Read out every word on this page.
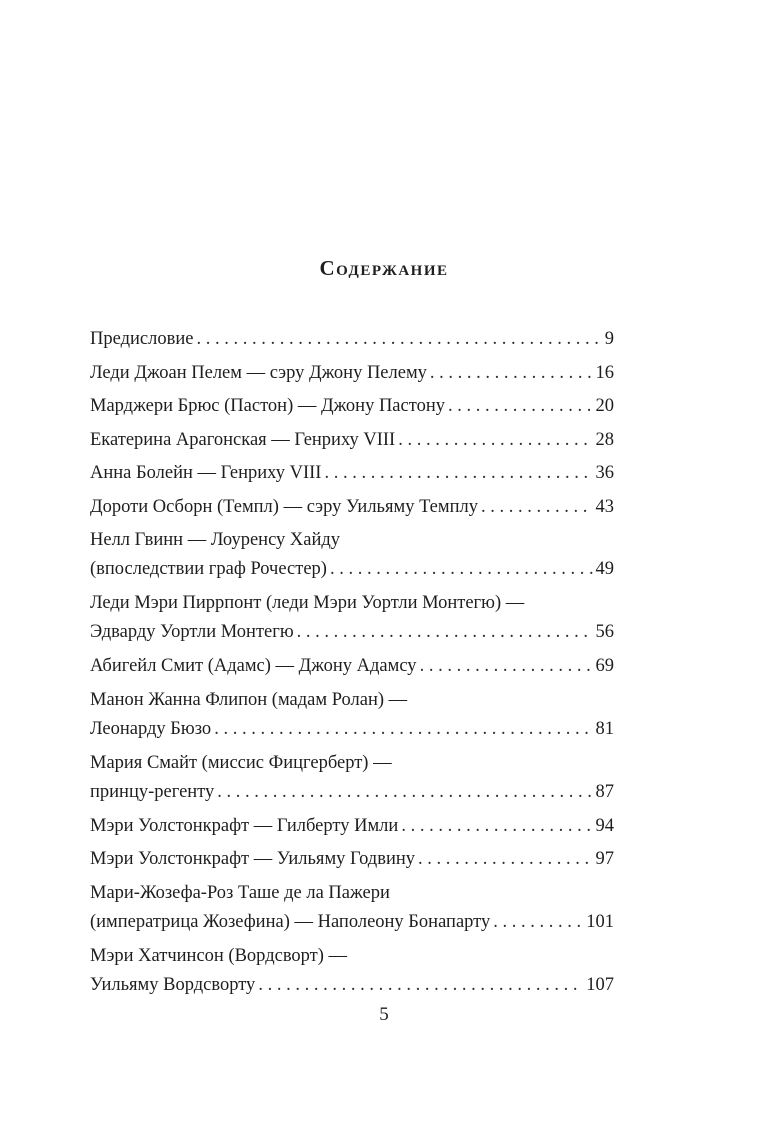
Содержание
Предисловие . . .	9
Леди Джоан Пелем — сэру Джону Пелему . . .	16
Марджери Брюс (Пастон) — Джону Пастону . . .	20
Екатерина Арагонская — Генриху VIII . . .	28
Анна Болейн — Генриху VIII . . .	36
Дороти Осборн (Темпл) — сэру Уильяму Темплу . . .	43
Нелл Гвинн — Лоуренсу Хайду
(впоследствии граф Рочестер) . . .	49
Леди Мэри Пиррпонт (леди Мэри Уортли Монтегю) —
Эдварду Уортли Монтегю . . .	56
Абигейл Смит (Адамс) — Джону Адамсу . . .	69
Манон Жанна Флипон (мадам Ролан) —
Леонарду Бюзо . . .	81
Мария Смайт (миссис Фицгерберт) —
принцу-регенту . . .	87
Мэри Уолстонкрафт — Гилберту Имли . . .	94
Мэри Уолстонкрафт — Уильяму Годвину . . .	97
Мари-Жозефа-Роз Таше де ла Пажери
(императрица Жозефина) — Наполеону Бонапарту . . .	101
Мэри Хатчинсон (Вордсворт) —
Уильяму Вордсворту . . .	107
5
